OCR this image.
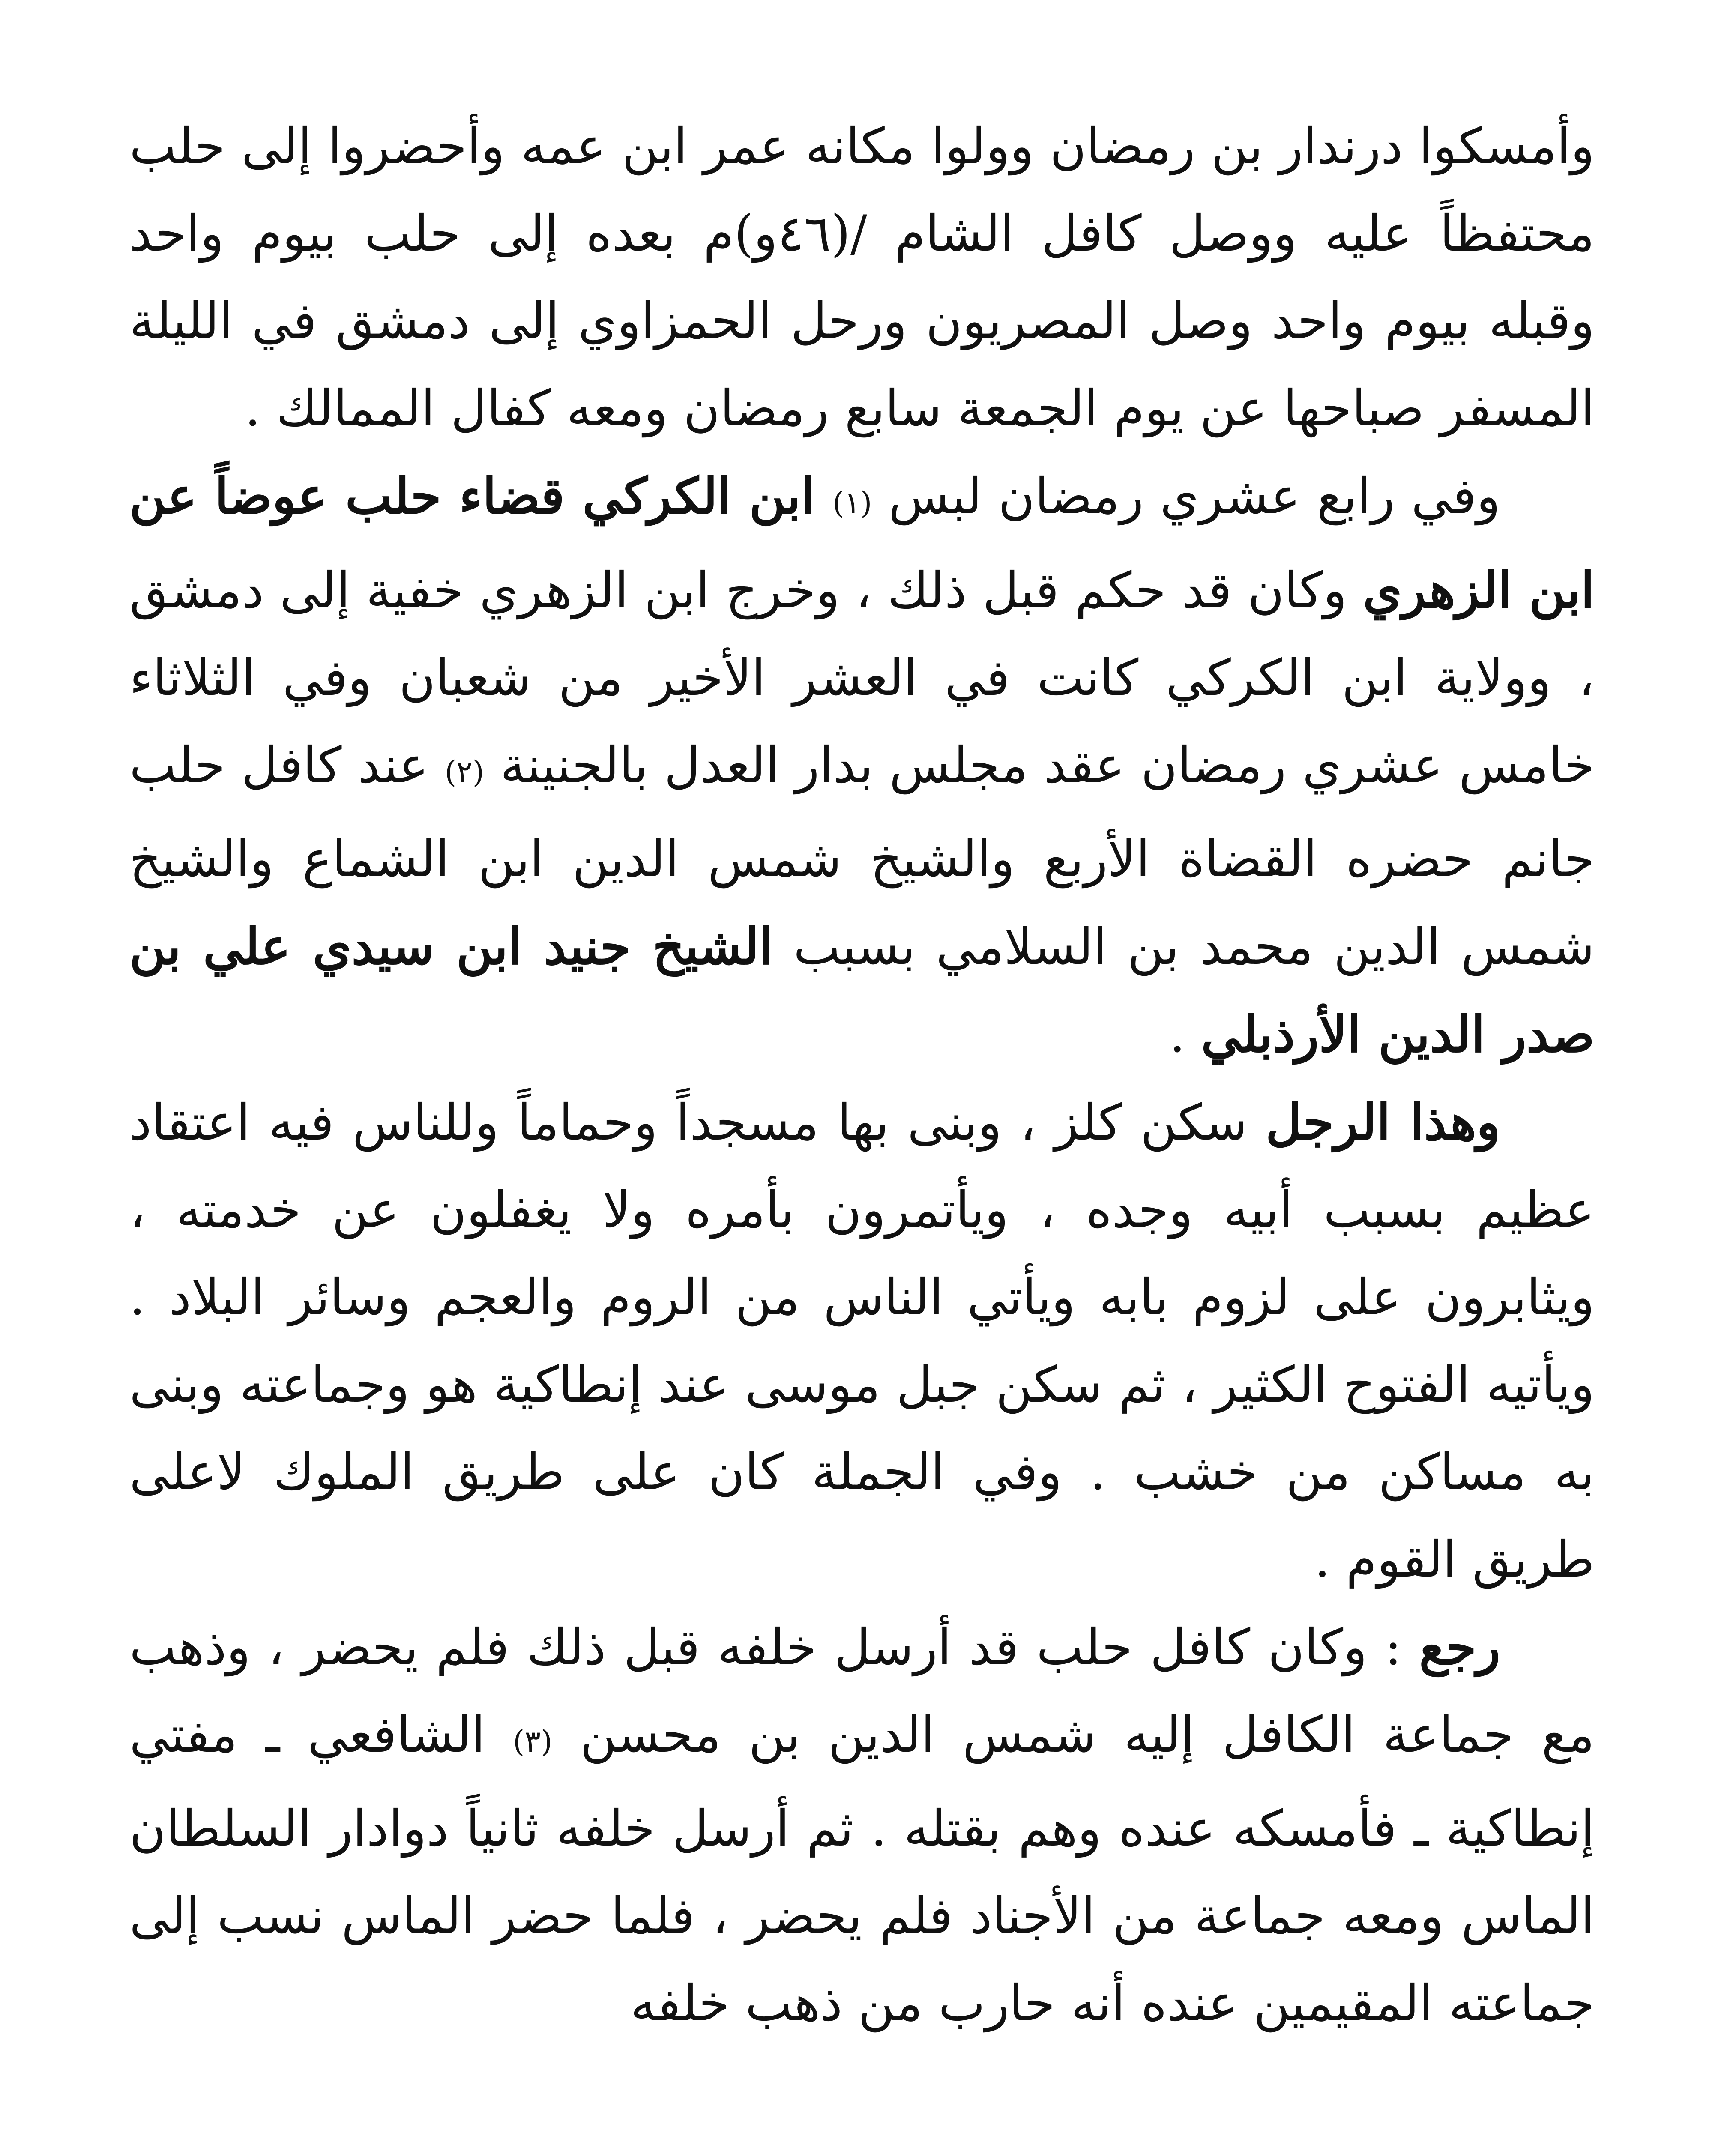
وأمسكوا درندار بن رمضان وولوا مكانه عمر ابن عمه وأحضروا إلى حلب محتفظاً عليه ووصل كافل الشام /(٤٦و)م بعده إلى حلب بيوم واحد وقبله بيوم واحد وصل المصريون ورحل الحمزاوي إلى دمشق في الليلة المسفر صباحها عن يوم الجمعة سابع رمضان ومعه كفال الممالك .

وفي رابع عشري رمضان لبس (١) ابن الكركي قضاء حلب عوضاً عن ابن الزهري وكان قد حكم قبل ذلك ، وخرج ابن الزهري خفية إلى دمشق ، وولاية ابن الكركي كانت في العشر الأخير من شعبان وفي الثلاثاء خامس عشري رمضان عقد مجلس بدار العدل بالجنينة (٢) عند كافل حلب جانم حضره القضاة الأربع والشيخ شمس الدين ابن الشماع والشيخ شمس الدين محمد بن السلامي بسبب الشيخ جنيد ابن سيدي علي بن صدر الدين الأرذبلي .

وهذا الرجل سكن كلز ، وبنى بها مسجداً وحماماً وللناس فيه اعتقاد عظيم بسبب أبيه وجده ، ويأتمرون بأمره ولا يغفلون عن خدمته ، ويثابرون على لزوم بابه ويأتي الناس من الروم والعجم وسائر البلاد . ويأتيه الفتوح الكثير ، ثم سكن جبل موسى عند إنطاكية هو وجماعته وبنى به مساكن من خشب . وفي الجملة كان على طريق الملوك لاعلى طريق القوم .

رجع : وكان كافل حلب قد أرسل خلفه قبل ذلك فلم يحضر ، وذهب مع جماعة الكافل إليه شمس الدين بن محسن (٣) الشافعي ـ مفتي إنطاكية ـ فأمسكه عنده وهم بقتله . ثم أرسل خلفه ثانياً دوادار السلطان الماس ومعه جماعة من الأجناد فلم يحضر ، فلما حضر الماس نسب إلى جماعته المقيمين عنده أنه حارب من ذهب خلفه
